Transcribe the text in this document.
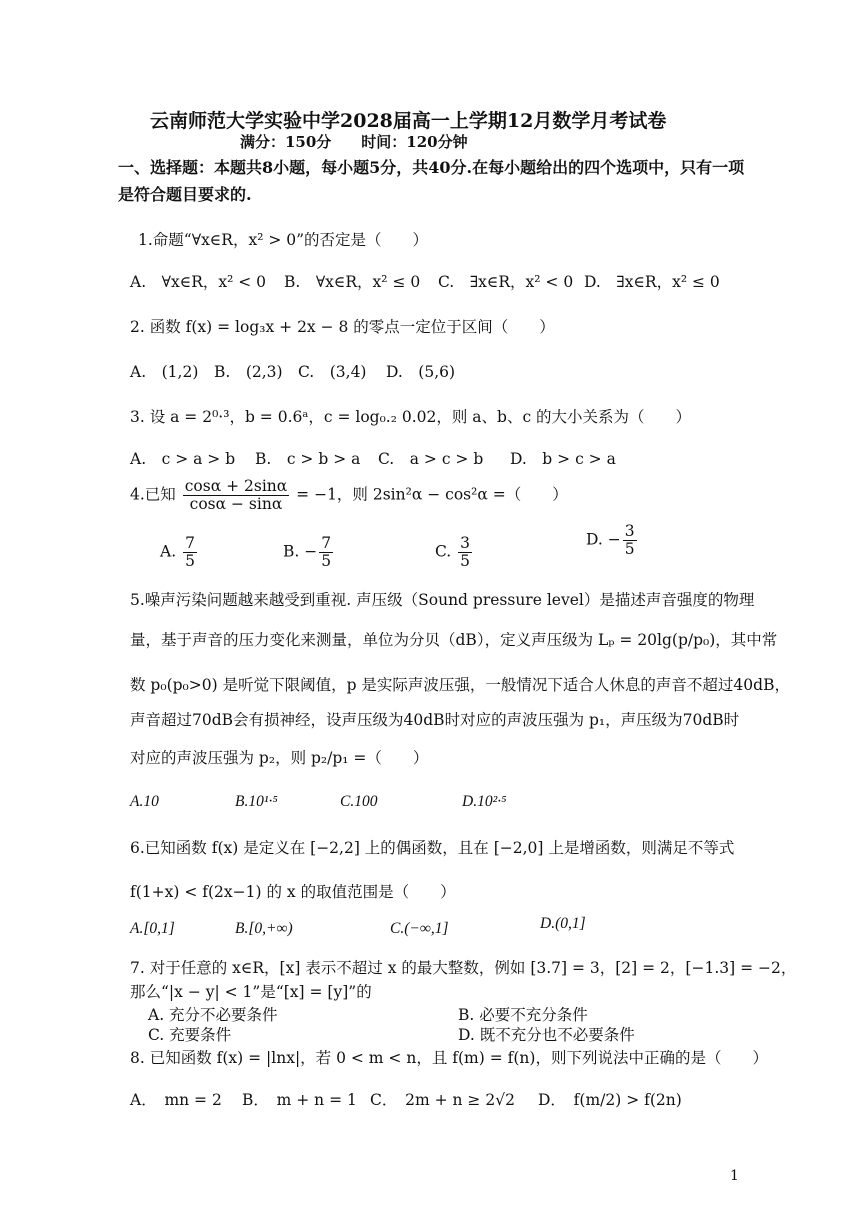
云南师范大学实验中学2028届高一上学期12月数学月考试卷
满分：150分　　时间：120分钟
一、选择题：本题共8小题，每小题5分，共40分.在每小题给出的四个选项中，只有一项
是符合题目要求的.
1.命题“∀x∈R，x² > 0”的否定是（　　）
A.　∀x∈R，x² < 0 B.　∀x∈R，x² ≤ 0 C.　∃x∈R，x² < 0 D.　∃x∈R，x² ≤ 0
2. 函数 f(x) = log₃x + 2x − 8 的零点一定位于区间（　　）
A.　(1,2) B.　(2,3) C.　(3,4) D.　(5,6)
3. 设 a = 2⁰·³，b = 0.6ᵃ，c = log₀.₂ 0.02，则 a、b、c 的大小关系为（　　）
A.　c > a > b B.　c > b > a C.　a > c > b D.　b > c > a
4.已知 $\frac{\cos\alpha + 2\sin\alpha}{\cos\alpha - \sin\alpha} = -1$，则 2sin²α − cos²α =（　　）
A. $\frac{7}{5}$	B. − $\frac{7}{5}$	C. $\frac{3}{5}$	D. − $\frac{3}{5}$
5.噪声污染问题越来越受到重视. 声压级（Sound pressure level）是描述声音强度的物理
量，基于声音的压力变化来测量，单位为分贝（dB），定义声压级为 Lₚ = 20lg(p/p₀)，其中常
数 p₀(p₀>0) 是听觉下限阈值，p 是实际声波压强，一般情况下适合人休息的声音不超过40dB，
声音超过70dB会有损神经，设声压级为40dB时对应的声波压强为 p₁，声压级为70dB时
对应的声波压强为 p₂，则 p₂/p₁ =（　　）
A.10	B.10¹·⁵	C.100	D.10²·⁵
6.已知函数 f(x) 是定义在 [−2,2] 上的偶函数，且在 [−2,0] 上是增函数，则满足不等式
f(1+x) < f(2x−1) 的 x 的取值范围是（　　）
A.[0,1]	B.[0,+∞)	C.(−∞,1]	D.(0,1]
7. 对于任意的 x∈R，[x] 表示不超过 x 的最大整数，例如 [3.7] = 3，[2] = 2，[−1.3] = −2，
那么“|x − y| < 1”是“[x] = [y]”的
A. 充分不必要条件	B. 必要不充分条件
C. 充要条件	D. 既不充分也不必要条件
8. 已知函数 f(x) = |lnx|，若 0 < m < n，且 f(m) = f(n)，则下列说法中正确的是（　　）
A．　mn = 2 B．　m + n = 1 C．　2m + n ≥ 2√2 D．　f(m/2) > f(2n)
1
